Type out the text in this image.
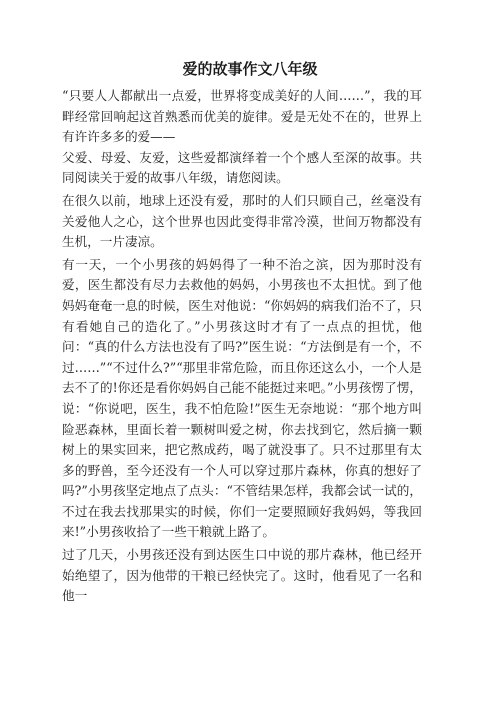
爱的故事作文八年级

“只要人人都献出一点爱，世界将变成美好的人间……”，我的耳畔经常回响起这首熟悉而优美的旋律。爱是无处不在的，世界上有许许多多的爱——

父爱、母爱、友爱，这些爱都演绎着一个个感人至深的故事。共同阅读关于爱的故事八年级，请您阅读。

在很久以前，地球上还没有爱，那时的人们只顾自己，丝毫没有关爱他人之心，这个世界也因此变得非常冷漠，世间万物都没有生机，一片凄凉。

有一天，一个小男孩的妈妈得了一种不治之滨，因为那时没有爱，医生都没有尽力去救他的妈妈，小男孩也不太担忧。到了他妈妈奄奄一息的时候，医生对他说：“你妈妈的病我们治不了，只有看她自己的造化了。”小男孩这时才有了一点点的担忧，他问：“真的什么方法也没有了吗?”医生说：“方法倒是有一个，不过……”“不过什么?”“那里非常危险，而且你还这么小，一个人是去不了的!你还是看你妈妈自己能不能挺过来吧。”小男孩愣了愣，说：“你说吧，医生，我不怕危险!”医生无奈地说：“那个地方叫险恶森林，里面长着一颗树叫爱之树，你去找到它，然后摘一颗树上的果实回来，把它熬成药，喝了就没事了。只不过那里有太多的野兽，至今还没有一个人可以穿过那片森林，你真的想好了吗?”小男孩坚定地点了点头：“不管结果怎样，我都会试一试的，不过在我去找那果实的时候，你们一定要照顾好我妈妈，等我回来!”小男孩收拾了一些干粮就上路了。

过了几天，小男孩还没有到达医生口中说的那片森林，他已经开始绝望了，因为他带的干粮已经快完了。这时，他看见了一名和他一
